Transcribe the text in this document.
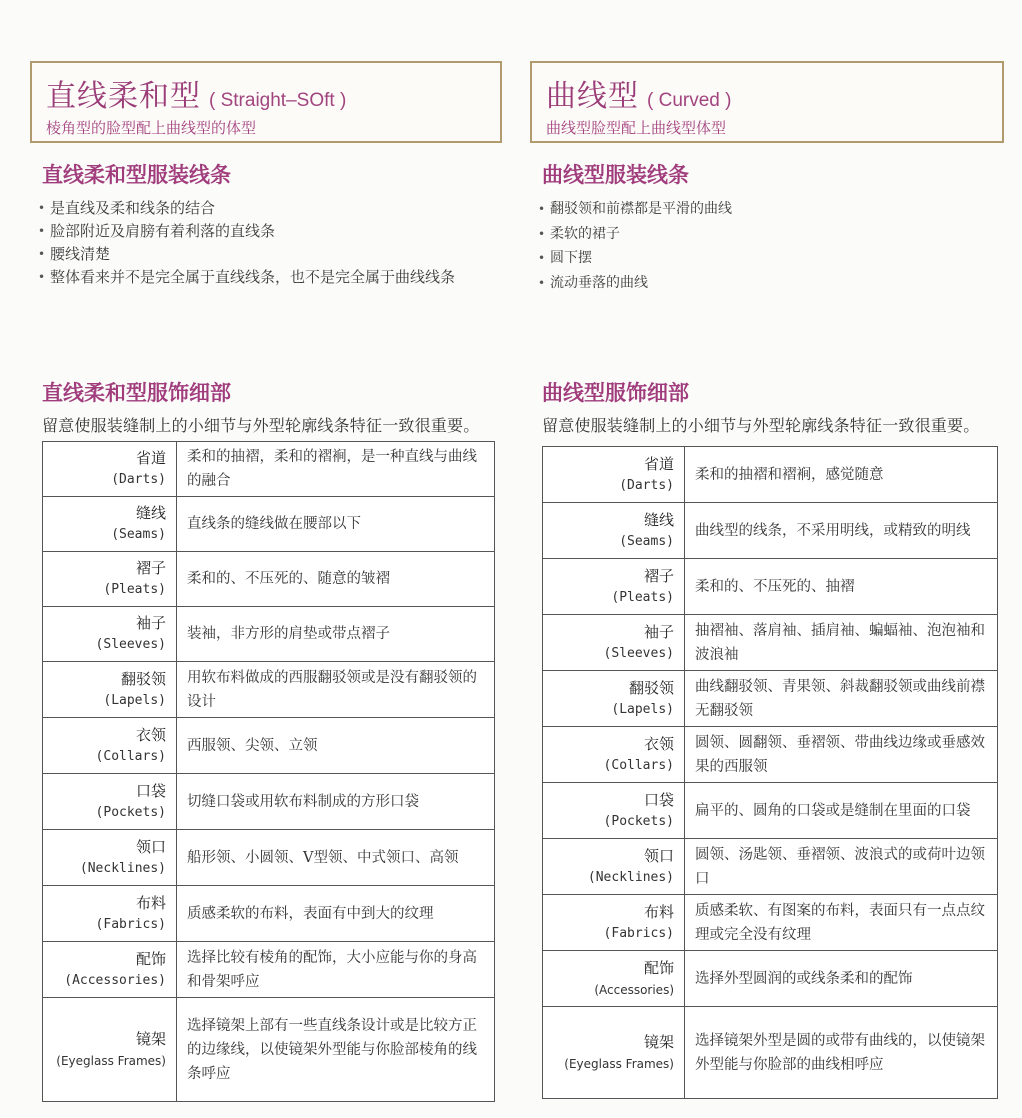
直线柔和型 ( Straight–SOft )
棱角型的脸型配上曲线型的体型
直线柔和型服装线条
• 是直线及柔和线条的结合
• 脸部附近及肩膀有着利落的直线条
• 腰线清楚
• 整体看来并不是完全属于直线线条，也不是完全属于曲线线条
直线柔和型服饰细部
留意使服装缝制上的小细节与外型轮廓线条特征一致很重要。
省道
(Darts)	柔和的抽褶，柔和的褶裥，是一种直线与曲线的融合

缝线
(Seams)	直线条的缝线做在腰部以下

褶子
(Pleats)	柔和的、不压死的、随意的皱褶

袖子
(Sleeves)	装袖，非方形的肩垫或带点褶子

翻驳领
(Lapels)	用软布料做成的西服翻驳领或是没有翻驳领的设计

衣领
(Collars)	西服领、尖领、立领

口袋
(Pockets)	切缝口袋或用软布料制成的方形口袋

领口
(Necklines)	船形领、小圆领、V型领、中式领口、高领

布料
(Fabrics)	质感柔软的布料，表面有中到大的纹理

配饰
(Accessories)	选择比较有棱角的配饰，大小应能与你的身高和骨架呼应

镜架
(Eyeglass Frames)	选择镜架上部有一些直线条设计或是比较方正的边缘线，以使镜架外型能与你脸部棱角的线条呼应
曲线型 ( Curved )
曲线型脸型配上曲线型体型
曲线型服装线条
• 翻驳领和前襟都是平滑的曲线
• 柔软的裙子
• 圆下摆
• 流动垂落的曲线
曲线型服饰细部
留意使服装缝制上的小细节与外型轮廓线条特征一致很重要。
省道
(Darts)	柔和的抽褶和褶裥，感觉随意

缝线
(Seams)	曲线型的线条，不采用明线，或精致的明线

褶子
(Pleats)	柔和的、不压死的、抽褶

袖子
(Sleeves)	抽褶袖、落肩袖、插肩袖、蝙蝠袖、泡泡袖和波浪袖

翻驳领
(Lapels)	曲线翻驳领、青果领、斜裁翻驳领或曲线前襟无翻驳领

衣领
(Collars)	圆领、圆翻领、垂褶领、带曲线边缘或垂感效果的西服领

口袋
(Pockets)	扁平的、圆角的口袋或是缝制在里面的口袋

领口
(Necklines)	圆领、汤匙领、垂褶领、波浪式的或荷叶边领口

布料
(Fabrics)	质感柔软、有图案的布料，表面只有一点点纹理或完全没有纹理

配饰
(Accessories)	选择外型圆润的或线条柔和的配饰

镜架
(Eyeglass Frames)	选择镜架外型是圆的或带有曲线的，以使镜架外型能与你脸部的曲线相呼应
